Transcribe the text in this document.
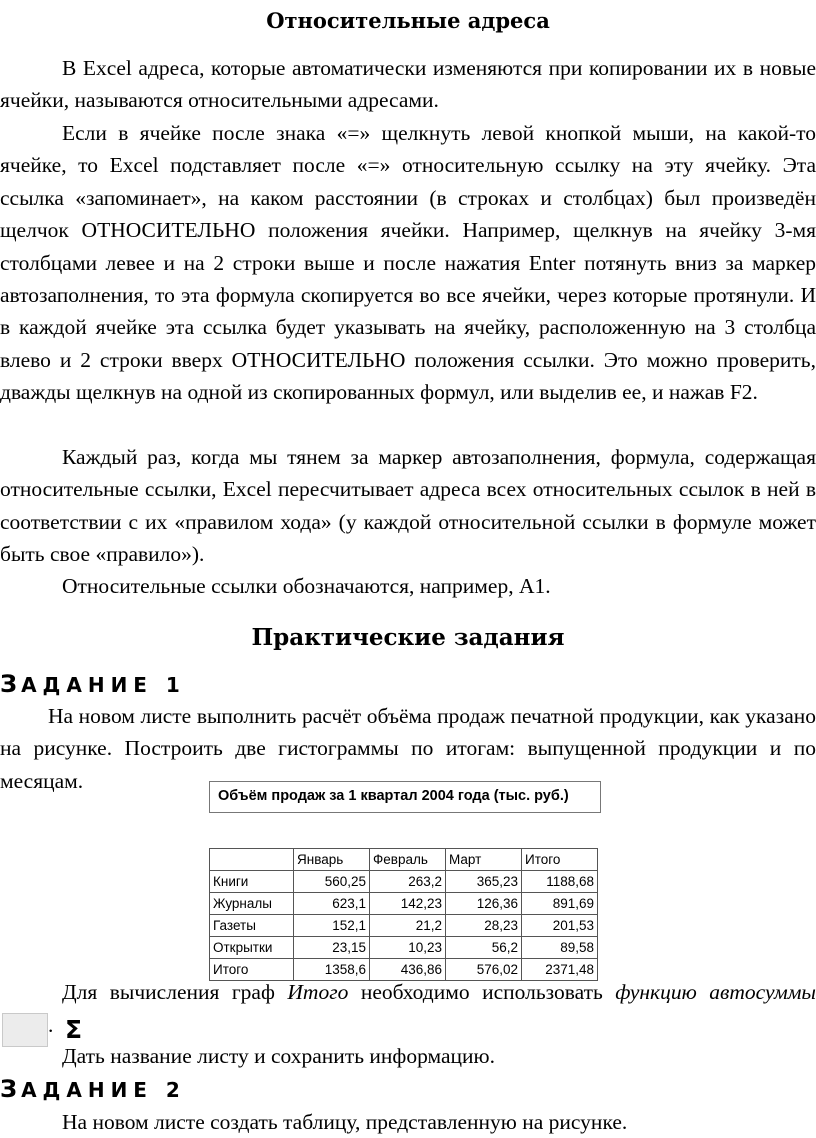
Относительные адреса

В Excel адреса, которые автоматически изменяются при копировании их в новые ячейки, называются относительными адресами.

Если в ячейке после знака «=» щелкнуть левой кнопкой мыши, на какой-то ячейке, то Excel подставляет после «=» относительную ссылку на эту ячейку. Эта ссылка «запоминает», на каком расстоянии (в строках и столбцах) был произведён щелчок ОТНОСИТЕЛЬНО положения ячейки. Например, щелкнув на ячейку 3-мя столбцами левее и на 2 строки выше и после нажатия Enter потянуть вниз за маркер автозаполнения, то эта формула скопируется во все ячейки, через которые протянули. И в каждой ячейке эта ссылка будет указывать на ячейку, расположенную на 3 столбца влево и 2 строки вверх ОТНОСИТЕЛЬНО положения ссылки. Это можно проверить, дважды щелкнув на одной из скопированных формул, или выделив ее, и нажав F2.

Каждый раз, когда мы тянем за маркер автозаполнения, формула, содержащая относительные ссылки, Excel пересчитывает адреса всех относительных ссылок в ней в соответствии с их «правилом хода» (у каждой относительной ссылки в формуле может быть свое «правило»).

Относительные ссылки обозначаются, например, А1.

Практические задания
ЗАДАНИЕ 1

На новом листе выполнить расчёт объёма продаж печатной продукции, как указано на рисунке. Построить две гистограммы по итогам: выпущенной продукции и по месяцам.

Объём продаж за 1 квартал 2004 года (тыс. руб.)

	Январь	Февраль	Март	Итого
Книги	560,25	263,2	365,23	1188,68
Журналы	623,1	142,23	126,36	891,69
Газеты	152,1	21,2	28,23	201,53
Открытки	23,15	10,23	56,2	89,58
Итого	1358,6	436,86	576,02	2371,48

Для вычисления граф Итого необходимо использовать функцию автосуммы Σ.

Дать название листу и сохранить информацию.

ЗАДАНИЕ 2

На новом листе создать таблицу, представленную на рисунке.
